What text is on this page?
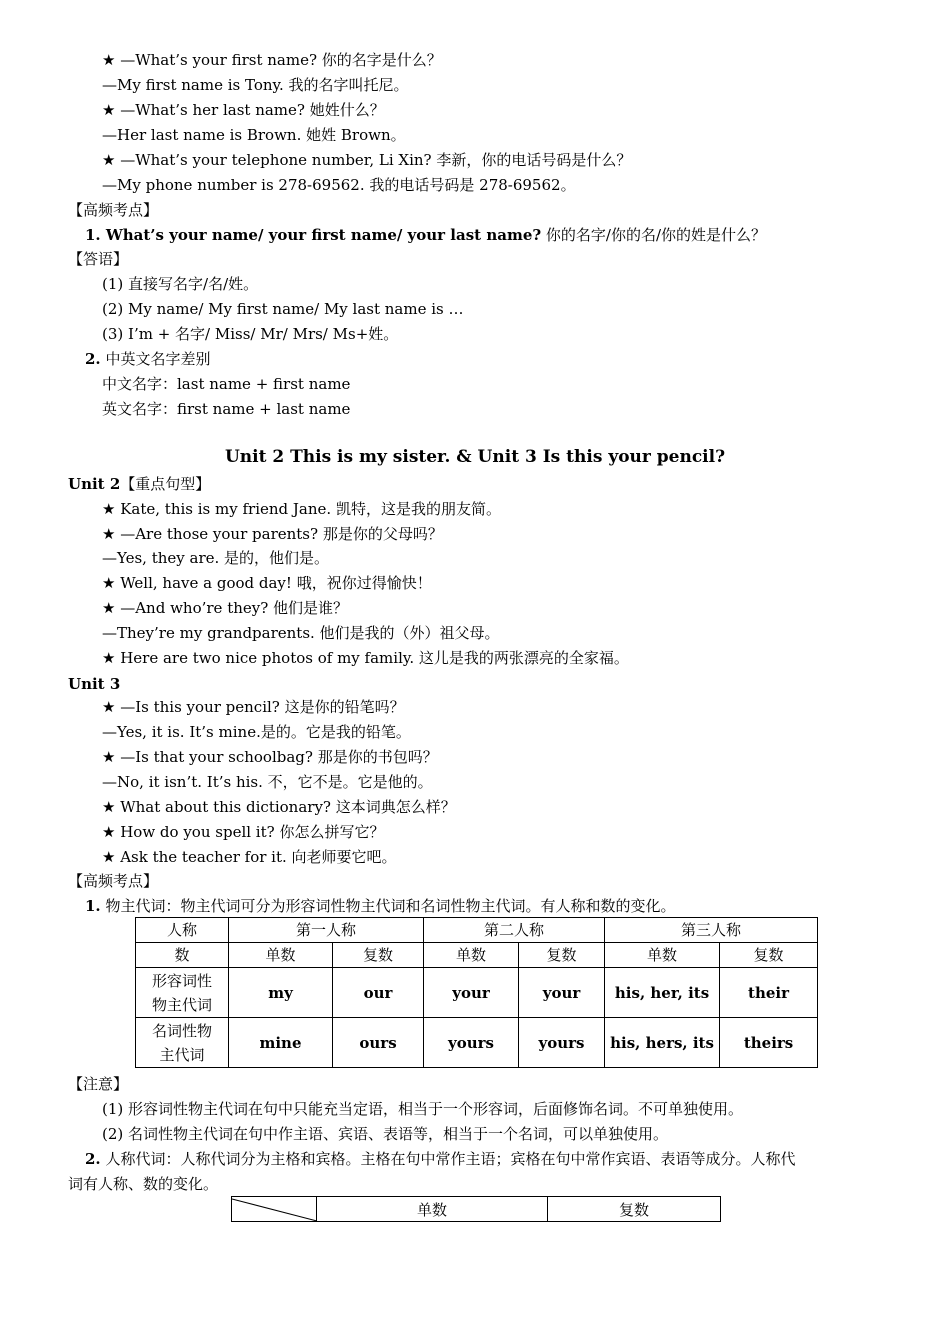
★ —What’s your first name? 你的名字是什么？
—My first name is Tony. 我的名字叫托尼。
★ —What’s her last name? 她姓什么？
—Her last name is Brown. 她姓 Brown。
★ —What’s your telephone number, Li Xin? 李新，你的电话号码是什么？
—My phone number is 278-69562. 我的电话号码是 278-69562。
【高频考点】
1. What’s your name/ your first name/ your last name? 你的名字/你的名/你的姓是什么？
【答语】
(1) 直接写名字/名/姓。
(2) My name/ My first name/ My last name is …
(3) I’m + 名字/ Miss/ Mr/ Mrs/ Ms+姓。
2. 中英文名字差别
中文名字：last name + first name
英文名字：first name + last name
Unit 2 This is my sister. & Unit 3 Is this your pencil?
Unit 2【重点句型】
★ Kate, this is my friend Jane. 凯特，这是我的朋友简。
★ —Are those your parents? 那是你的父母吗？
—Yes, they are. 是的，他们是。
★ Well, have a good day! 哦，祝你过得愉快！
★ —And who’re they? 他们是谁？
—They’re my grandparents. 他们是我的（外）祖父母。
★ Here are two nice photos of my family. 这儿是我的两张漂亮的全家福。
Unit 3
★ —Is this your pencil? 这是你的铅笔吗？
—Yes, it is. It’s mine.是的。它是我的铅笔。
★ —Is that your schoolbag? 那是你的书包吗？
—No, it isn’t. It’s his. 不，它不是。它是他的。
★ What about this dictionary? 这本词典怎么样？
★ How do you spell it? 你怎么拼写它？
★ Ask the teacher for it. 向老师要它吧。
【高频考点】
1. 物主代词：物主代词可分为形容词性物主代词和名词性物主代词。有人称和数的变化。
人称	第一人称		第二人称		第三人称	
数	单数	复数	单数	复数	单数	复数

形容词性
物主代词	my	our	your	your	his, her, its	their

名词性物
主代词	mine	ours	yours	yours	his, hers, its	theirs
【注意】
(1) 形容词性物主代词在句中只能充当定语，相当于一个形容词，后面修饰名词。不可单独使用。
(2) 名词性物主代词在句中作主语、宾语、表语等，相当于一个名词，可以单独使用。
2. 人称代词：人称代词分为主格和宾格。主格在句中常作主语；宾格在句中常作宾语、表语等成分。人称代
词有人称、数的变化。
	单数	复数
